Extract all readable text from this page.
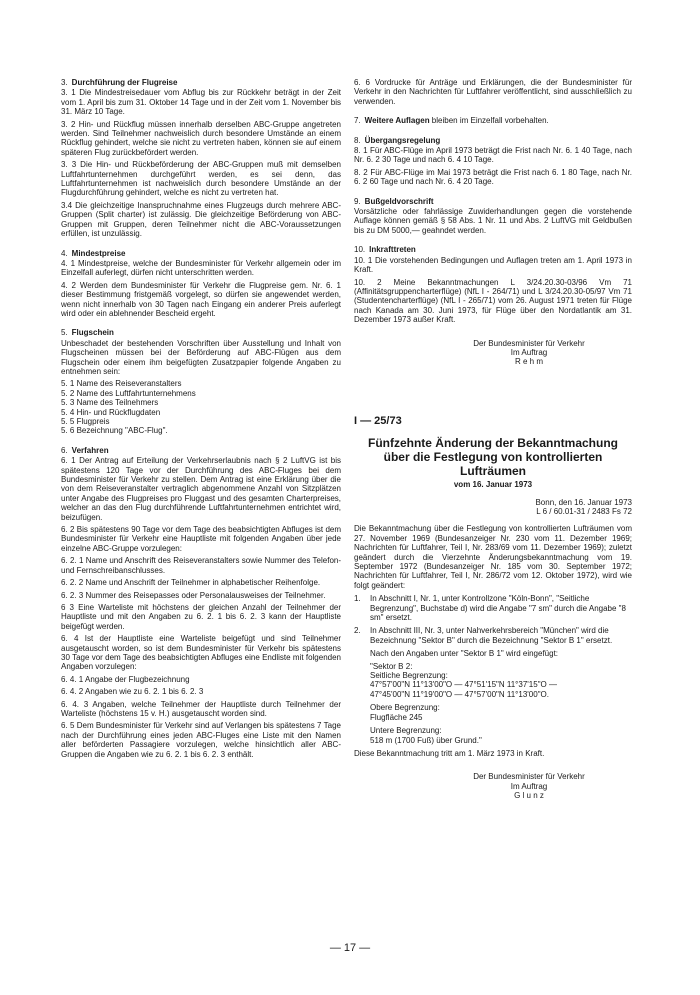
3. Durchführung der Flugreise

3. 1 Die Mindestreisedauer vom Abflug bis zur Rückkehr beträgt in der Zeit vom 1. April bis zum 31. Oktober 14 Tage und in der Zeit vom 1. November bis 31. März 10 Tage.

3. 2 Hin- und Rückflug müssen innerhalb derselben ABC-Gruppe angetreten werden. Sind Teilnehmer nachweislich durch besondere Umstände an einem Rückflug gehindert, welche sie nicht zu vertreten haben, können sie auf einem späteren Flug zurückbefördert werden.

3. 3 Die Hin- und Rückbeförderung der ABC-Gruppen muß mit demselben Luftfahrtunternehmen durchgeführt werden, es sei denn, das Luftfahrtunternehmen ist nachweislich durch besondere Umstände an der Flugdurchführung gehindert, welche es nicht zu vertreten hat.

3.4 Die gleichzeitige Inanspruchnahme eines Flugzeugs durch mehrere ABC-Gruppen (Split charter) ist zulässig. Die gleichzeitige Beförderung von ABC-Gruppen mit Gruppen, deren Teilnehmer nicht die ABC-Voraussetzungen erfüllen, ist unzulässig.

4. Mindestpreise

4. 1 Mindestpreise, welche der Bundesminister für Verkehr allgemein oder im Einzelfall auferlegt, dürfen nicht unterschritten werden.

4. 2 Werden dem Bundesminister für Verkehr die Flugpreise gem. Nr. 6. 1 dieser Bestimmung fristgemäß vorgelegt, so dürfen sie angewendet werden, wenn nicht innerhalb von 30 Tagen nach Eingang ein anderer Preis auferlegt wird oder ein ablehnender Bescheid ergeht.

5. Flugschein

Unbeschadet der bestehenden Vorschriften über Ausstellung und Inhalt von Flugscheinen müssen bei der Beförderung auf ABC-Flügen aus dem Flugschein oder einem ihm beigefügten Zusatzpapier folgende Angaben zu entnehmen sein:

5. 1 Name des Reiseveranstalters
5. 2 Name des Luftfahrtunternehmens
5. 3 Name des Teilnehmers
5. 4 Hin- und Rückflugdaten
5. 5 Flugpreis
5. 6 Bezeichnung "ABC-Flug".
6. Verfahren

6. 1 Der Antrag auf Erteilung der Verkehrserlaubnis nach § 2 LuftVG ist bis spätestens 120 Tage vor der Durchführung des ABC-Fluges bei dem Bundesminister für Verkehr zu stellen. Dem Antrag ist eine Erklärung über die von dem Reiseveranstalter vertraglich abgenommene Anzahl von Sitzplätzen unter Angabe des Flugpreises pro Fluggast und des gesamten Charterpreises, welcher an das den Flug durchführende Luftfahrtunternehmen entrichtet wird, beizufügen.

6. 2 Bis spätestens 90 Tage vor dem Tage des beabsichtigten Abfluges ist dem Bundesminister für Verkehr eine Hauptliste mit folgenden Angaben über jede einzelne ABC-Gruppe vorzulegen:

6. 2. 1 Name und Anschrift des Reiseveranstalters sowie Nummer des Telefon- und Fernschreibanschlusses.

6. 2. 2 Name und Anschrift der Teilnehmer in alphabetischer Reihenfolge.

6. 2. 3 Nummer des Reisepasses oder Personalausweises der Teilnehmer.

6 3 Eine Warteliste mit höchstens der gleichen Anzahl der Teilnehmer der Hauptliste und mit den Angaben zu 6. 2. 1 bis 6. 2. 3 kann der Hauptliste beigefügt werden.

6. 4 Ist der Hauptliste eine Warteliste beigefügt und sind Teilnehmer ausgetauscht worden, so ist dem Bundesminister für Verkehr bis spätestens 30 Tage vor dem Tage des beabsichtigten Abfluges eine Endliste mit folgenden Angaben vorzulegen:

6. 4. 1 Angabe der Flugbezeichnung

6. 4. 2 Angaben wie zu 6. 2. 1 bis 6. 2. 3

6. 4. 3 Angaben, welche Teilnehmer der Hauptliste durch Teilnehmer der Warteliste (höchstens 15 v. H.) ausgetauscht worden sind.

6. 5 Dem Bundesminister für Verkehr sind auf Verlangen bis spätestens 7 Tage nach der Durchführung eines jeden ABC-Fluges eine Liste mit den Namen aller beförderten Passagiere vorzulegen, welche hinsichtlich aller ABC-Gruppen die Angaben wie zu 6. 2. 1 bis 6. 2. 3 enthält.

6. 6 Vordrucke für Anträge und Erklärungen, die der Bundesminister für Verkehr in den Nachrichten für Luftfahrer veröffentlicht, sind ausschließlich zu verwenden.

7. Weitere Auflagen bleiben im Einzelfall vorbehalten.
8. Übergangsregelung

8. 1 Für ABC-Flüge im April 1973 beträgt die Frist nach Nr. 6. 1 40 Tage, nach Nr. 6. 2 30 Tage und nach 6. 4 10 Tage.

8. 2 Für ABC-Flüge im Mai 1973 beträgt die Frist nach 6. 1 80 Tage, nach Nr. 6. 2 60 Tage und nach Nr. 6. 4 20 Tage.

9. Bußgeldvorschrift

Vorsätzliche oder fahrlässige Zuwiderhandlungen gegen die vorstehende Auflage können gemäß § 58 Abs. 1 Nr. 11 und Abs. 2 LuftVG mit Geldbußen bis zu DM 5000,— geahndet werden.

10. Inkrafttreten

10. 1 Die vorstehenden Bedingungen und Auflagen treten am 1. April 1973 in Kraft.

10. 2 Meine Bekanntmachungen L 3/24.20.30-03/96 Vm 71 (Affinitätsgruppencharterflüge) (NfL I - 264/71) und L 3/24.20.30-05/97 Vm 71 (Studentencharterflüge) (NfL I - 265/71) vom 26. August 1971 treten für Flüge nach Kanada am 30. Juni 1973, für Flüge über den Nordatlantik am 31. Dezember 1973 außer Kraft.

Der Bundesminister für Verkehr

Im Auftrag

R e h m

I — 25/73
Fünfzehnte Änderung der Bekanntmachung
über die Festlegung von kontrollierten Lufträumen
vom 16. Januar 1973

Bonn, den 16. Januar 1973

L 6 / 60.01-31 / 2483 Fs 72

Die Bekanntmachung über die Festlegung von kontrollierten Lufträumen vom 27. November 1969 (Bundesanzeiger Nr. 230 vom 11. Dezember 1969; Nachrichten für Luftfahrer, Teil I, Nr. 283/69 vom 11. Dezember 1969); zuletzt geändert durch die Vierzehnte Änderungsbekanntmachung vom 19. September 1972 (Bundesanzeiger Nr. 185 vom 30. September 1972; Nachrichten für Luftfahrer, Teil I, Nr. 286/72 vom 12. Oktober 1972), wird wie folgt geändert:

1.	In Abschnitt I, Nr. 1, unter Kontrollzone "Köln-Bonn", "Seitliche Begrenzung", Buchstabe d) wird die Angabe "7 sm" durch die Angabe "8 sm" ersetzt.
2.	In Abschnitt III, Nr. 3, unter Nahverkehrsbereich "München" wird die Bezeichnung "Sektor B" durch die Bezeichnung "Sektor B 1" ersetzt.

Nach den Angaben unter "Sektor B 1" wird eingefügt:

"Sektor B 2:

Seitliche Begrenzung:

47°57'00"N 11°13'00"O — 47°51'15"N 11°37'15"O —

47°45'00"N 11°19'00"O — 47°57'00"N 11°13'00"O.

Obere Begrenzung:

Flugfläche 245

Untere Begrenzung:

518 m (1700 Fuß) über Grund."

Diese Bekanntmachung tritt am 1. März 1973 in Kraft.

Der Bundesminister für Verkehr

Im Auftrag

G l u n z

— 17 —
